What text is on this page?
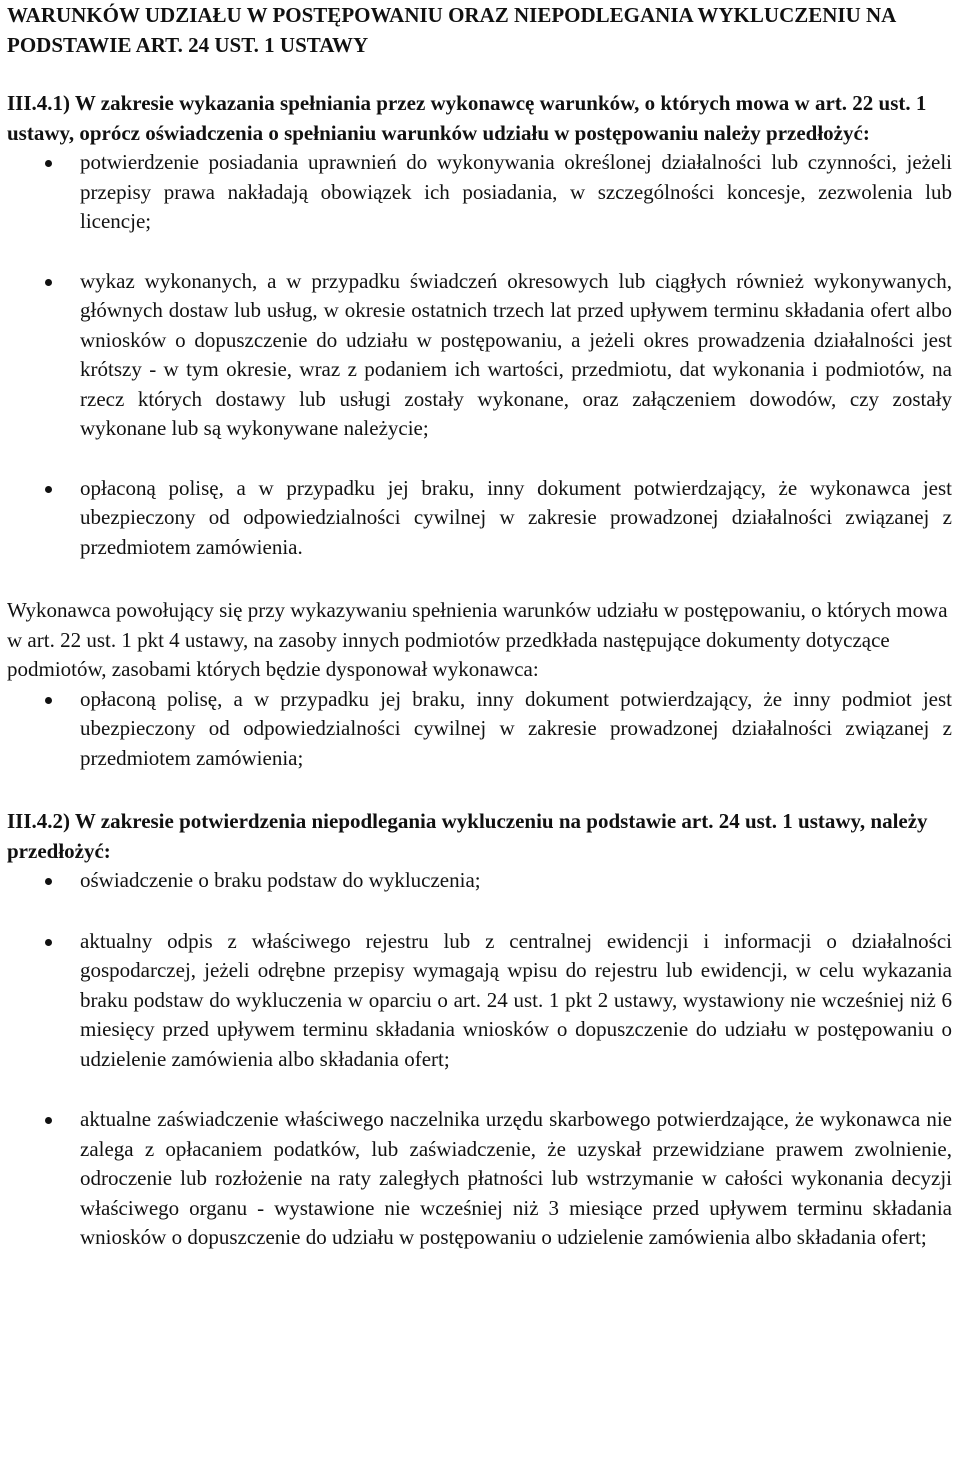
WARUNKÓW UDZIAŁU W POSTĘPOWANIU ORAZ NIEPODLEGANIA WYKLUCZENIU NA PODSTAWIE ART. 24 UST. 1 USTAWY

III.4.1) W zakresie wykazania spełniania przez wykonawcę warunków, o których mowa w art. 22 ust. 1 ustawy, oprócz oświadczenia o spełnianiu warunków udziału w postępowaniu należy przedłożyć:

potwierdzenie posiadania uprawnień do wykonywania określonej działalności lub czynności, jeżeli przepisy prawa nakładają obowiązek ich posiadania, w szczególności koncesje, zezwolenia lub licencje;
wykaz wykonanych, a w przypadku świadczeń okresowych lub ciągłych również wykonywanych, głównych dostaw lub usług, w okresie ostatnich trzech lat przed upływem terminu składania ofert albo wniosków o dopuszczenie do udziału w postępowaniu, a jeżeli okres prowadzenia działalności jest krótszy - w tym okresie, wraz z podaniem ich wartości, przedmiotu, dat wykonania i podmiotów, na rzecz których dostawy lub usługi zostały wykonane, oraz załączeniem dowodów, czy zostały wykonane lub są wykonywane należycie;
opłaconą polisę, a w przypadku jej braku, inny dokument potwierdzający, że wykonawca jest ubezpieczony od odpowiedzialności cywilnej w zakresie prowadzonej działalności związanej z przedmiotem zamówienia.

Wykonawca powołujący się przy wykazywaniu spełnienia warunków udziału w postępowaniu, o których mowa w art. 22 ust. 1 pkt 4 ustawy, na zasoby innych podmiotów przedkłada następujące dokumenty dotyczące podmiotów, zasobami których będzie dysponował wykonawca:

opłaconą polisę, a w przypadku jej braku, inny dokument potwierdzający, że inny podmiot jest ubezpieczony od odpowiedzialności cywilnej w zakresie prowadzonej działalności związanej z przedmiotem zamówienia;

III.4.2) W zakresie potwierdzenia niepodlegania wykluczeniu na podstawie art. 24 ust. 1 ustawy, należy przedłożyć:

oświadczenie o braku podstaw do wykluczenia;
aktualny odpis z właściwego rejestru lub z centralnej ewidencji i informacji o działalności gospodarczej, jeżeli odrębne przepisy wymagają wpisu do rejestru lub ewidencji, w celu wykazania braku podstaw do wykluczenia w oparciu o art. 24 ust. 1 pkt 2 ustawy, wystawiony nie wcześniej niż 6 miesięcy przed upływem terminu składania wniosków o dopuszczenie do udziału w postępowaniu o udzielenie zamówienia albo składania ofert;
aktualne zaświadczenie właściwego naczelnika urzędu skarbowego potwierdzające, że wykonawca nie zalega z opłacaniem podatków, lub zaświadczenie, że uzyskał przewidziane prawem zwolnienie, odroczenie lub rozłożenie na raty zaległych płatności lub wstrzymanie w całości wykonania decyzji właściwego organu - wystawione nie wcześniej niż 3 miesiące przed upływem terminu składania wniosków o dopuszczenie do udziału w postępowaniu o udzielenie zamówienia albo składania ofert;
